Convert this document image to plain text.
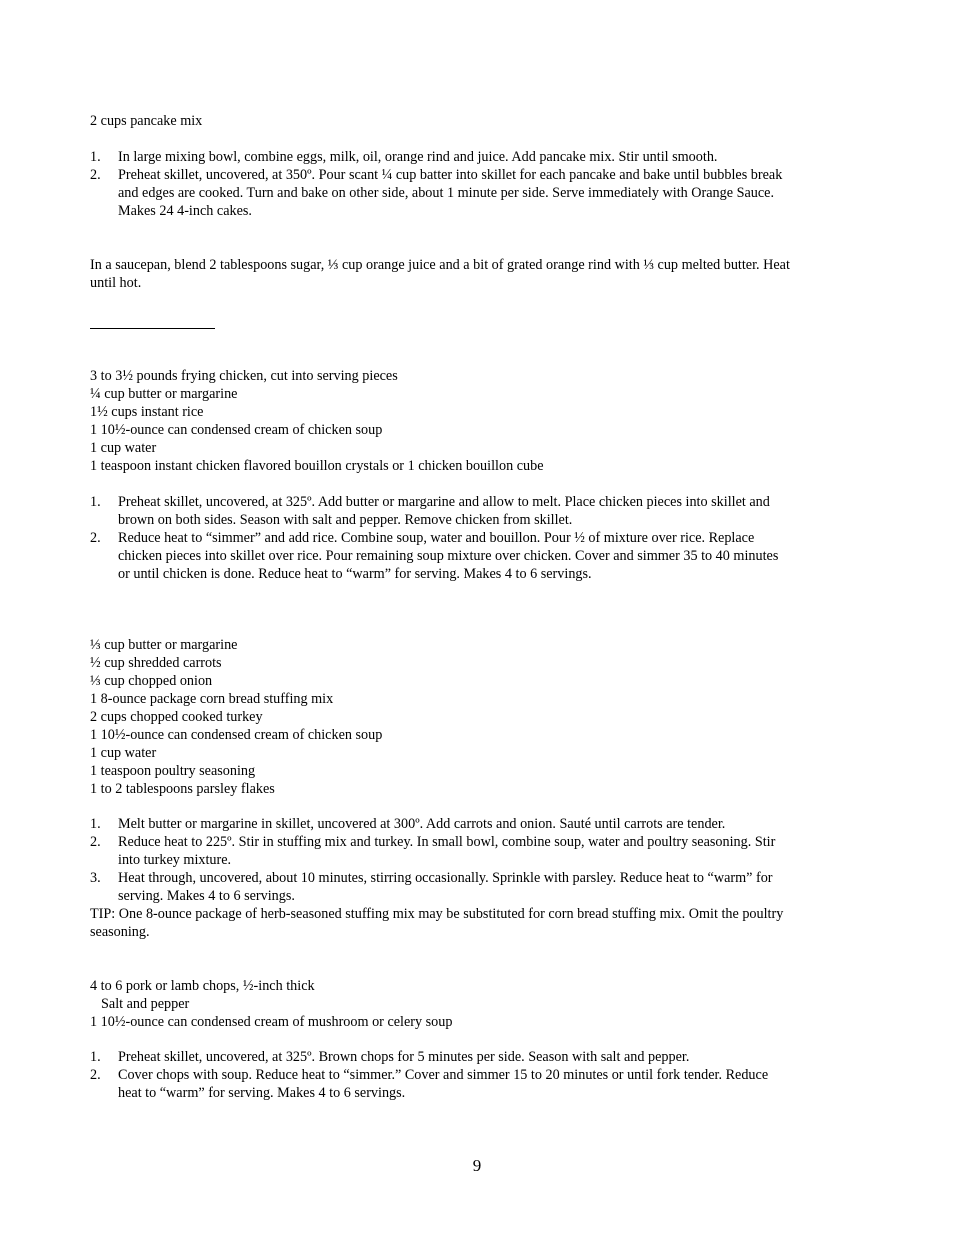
2 cups pancake mix
1. In large mixing bowl, combine eggs, milk, oil, orange rind and juice. Add pancake mix. Stir until smooth.
2. Preheat skillet, uncovered, at 350º. Pour scant ¼ cup batter into skillet for each pancake and bake until bubbles break
and edges are cooked. Turn and bake on other side, about 1 minute per side. Serve immediately with Orange Sauce.
Makes 24 4-inch cakes.
In a saucepan, blend 2 tablespoons sugar, ⅓ cup orange juice and a bit of grated orange rind with ⅓ cup melted butter. Heat
until hot.
3 to 3½ pounds frying chicken, cut into serving pieces
¼ cup butter or margarine
1½ cups instant rice
1 10½-ounce can condensed cream of chicken soup
1 cup water
1 teaspoon instant chicken flavored bouillon crystals or 1 chicken bouillon cube
1. Preheat skillet, uncovered, at 325º. Add butter or margarine and allow to melt. Place chicken pieces into skillet and
brown on both sides. Season with salt and pepper. Remove chicken from skillet.
2. Reduce heat to “simmer” and add rice. Combine soup, water and bouillon. Pour ½ of mixture over rice. Replace
chicken pieces into skillet over rice. Pour remaining soup mixture over chicken. Cover and simmer 35 to 40 minutes
or until chicken is done. Reduce heat to “warm” for serving. Makes 4 to 6 servings.
⅓ cup butter or margarine
½ cup shredded carrots
⅓ cup chopped onion
1 8-ounce package corn bread stuffing mix
2 cups chopped cooked turkey
1 10½-ounce can condensed cream of chicken soup
1 cup water
1 teaspoon poultry seasoning
1 to 2 tablespoons parsley flakes
1. Melt butter or margarine in skillet, uncovered at 300º. Add carrots and onion. Sauté until carrots are tender.
2. Reduce heat to 225º. Stir in stuffing mix and turkey. In small bowl, combine soup, water and poultry seasoning. Stir
into turkey mixture.
3. Heat through, uncovered, about 10 minutes, stirring occasionally. Sprinkle with parsley. Reduce heat to “warm” for
serving. Makes 4 to 6 servings.
TIP: One 8-ounce package of herb-seasoned stuffing mix may be substituted for corn bread stuffing mix. Omit the poultry
seasoning.
4 to 6 pork or lamb chops, ½-inch thick
Salt and pepper
1 10½-ounce can condensed cream of mushroom or celery soup
1. Preheat skillet, uncovered, at 325º. Brown chops for 5 minutes per side. Season with salt and pepper.
2. Cover chops with soup. Reduce heat to “simmer.” Cover and simmer 15 to 20 minutes or until fork tender. Reduce
heat to “warm” for serving. Makes 4 to 6 servings.
9
